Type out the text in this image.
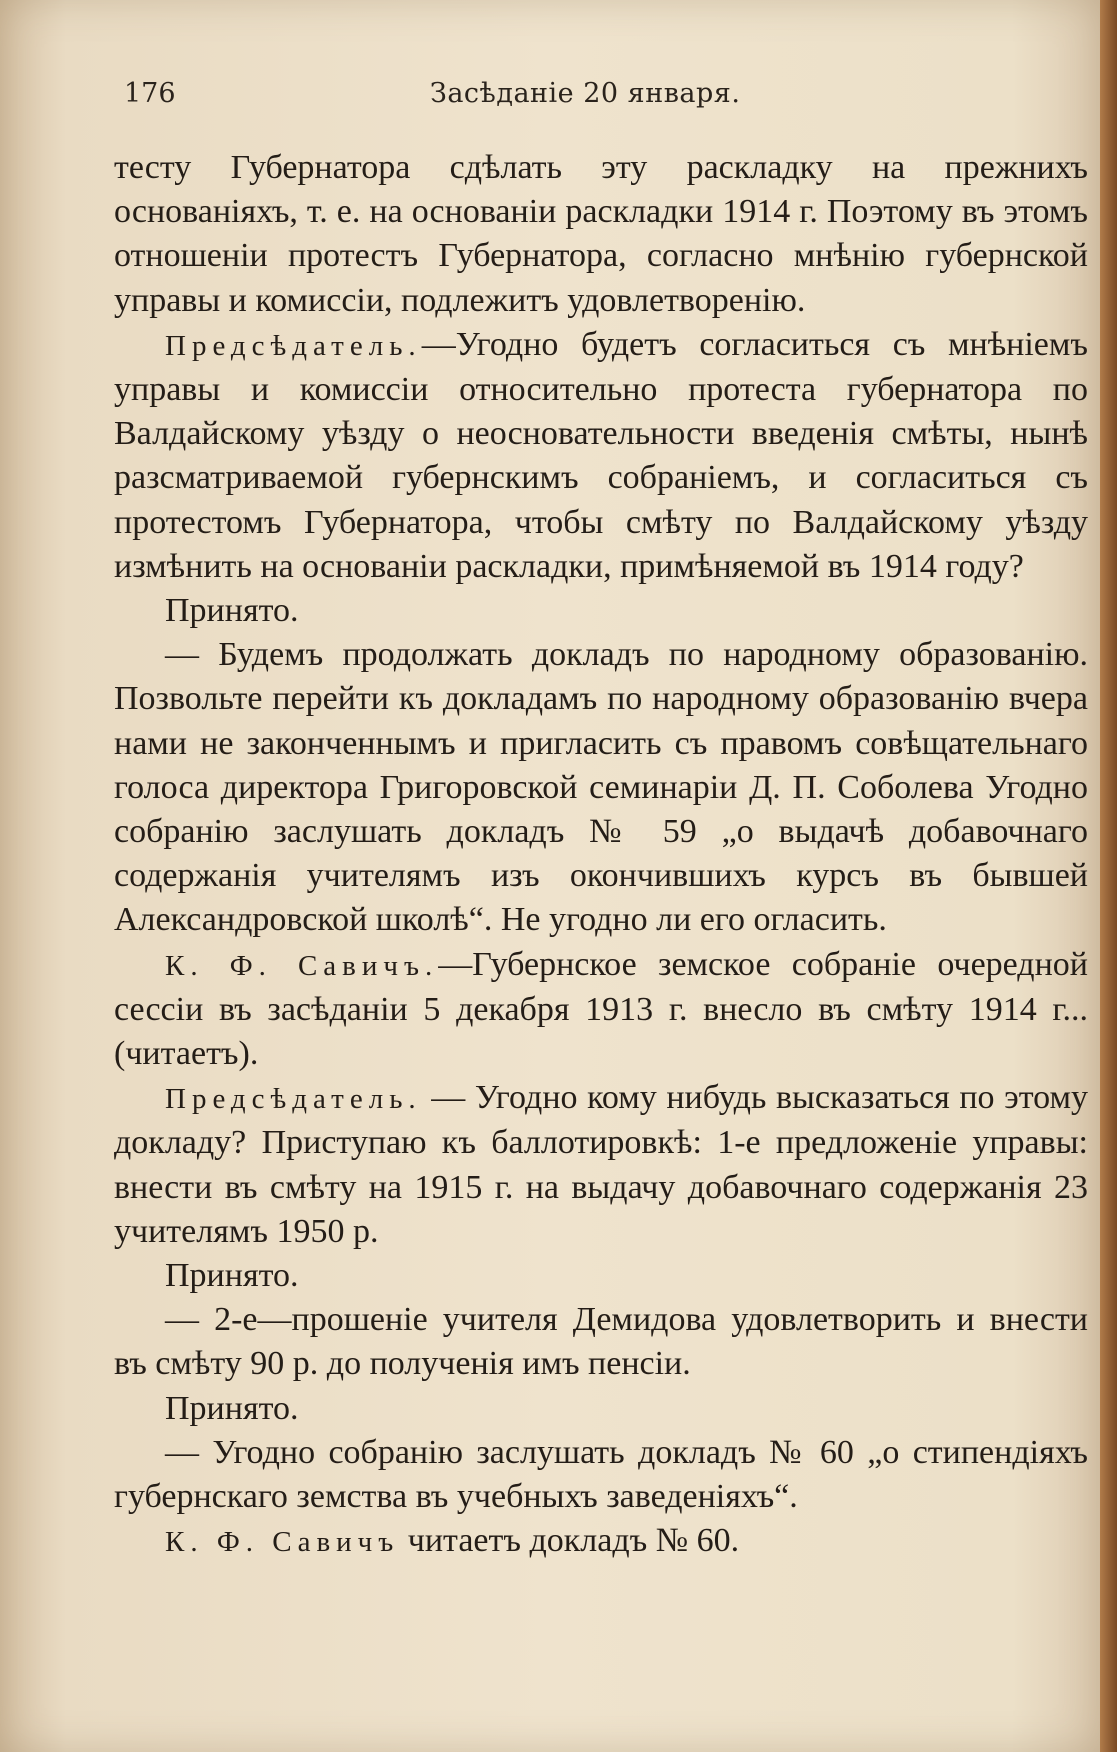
176	Засѣданіе 20 января.

тесту Губернатора сдѣлать эту раскладку на прежнихъ основаніяхъ, т. е. на основаніи раскладки 1914 г. Поэтому въ этомъ отношеніи протестъ Губернатора, согласно мнѣнію губернской управы и комиссіи, подлежитъ удовлетворенію.

Предсѣдатель.—Угодно будетъ согласиться съ мнѣніемъ управы и комиссіи относительно протеста губернатора по Валдайскому уѣзду о неосновательности введенія смѣты, нынѣ разсматриваемой губернскимъ собраніемъ, и согласиться съ протестомъ Губернатора, чтобы смѣту по Валдайскому уѣзду измѣнить на основаніи раскладки, примѣняемой въ 1914 году?

Принято.

— Будемъ продолжать докладъ по народному образованію. Позвольте перейти къ докладамъ по народному образованію вчера нами не законченнымъ и пригласить съ правомъ совѣщательнаго голоса директора Григоровской семинаріи Д. П. Соболева Угодно собранію заслушать докладъ № 59 „о выдачѣ добавочнаго содержанія учителямъ изъ окончившихъ курсъ въ бывшей Александровской школѣ“. Не угодно ли его огласить.

К. Ф. Савичъ.—Губернское земское собраніе очередной сессіи въ засѣданіи 5 декабря 1913 г. внесло въ смѣту 1914 г... (читаетъ).

Предсѣдатель. — Угодно кому нибудь высказаться по этому докладу? Приступаю къ баллотировкѣ: 1-е предложеніе управы: внести въ смѣту на 1915 г. на выдачу добавочнаго содержанія 23 учителямъ 1950 р.

Принято.

— 2-е—прошеніе учителя Демидова удовлетворить и внести въ смѣту 90 р. до полученія имъ пенсіи.

Принято.

— Угодно собранію заслушать докладъ № 60 „о стипендіяхъ губернскаго земства въ учебныхъ заведеніяхъ“.

К. Ф. Савичъ читаетъ докладъ № 60.
